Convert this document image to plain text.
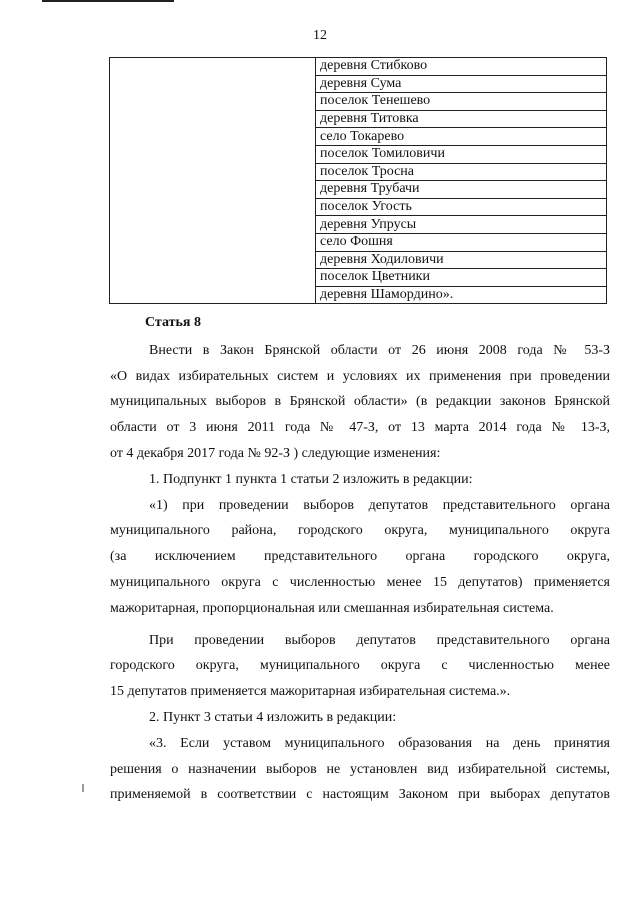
12
	деревня Стибково
деревня Сума
поселок Тенешево
деревня Титовка
село Токарево
поселок Томиловичи
поселок Тросна
деревня Трубачи
поселок Угость
деревня Упрусы
село Фошня
деревня Ходиловичи
поселок Цветники
деревня Шамордино».

Статья 8

Внести в Закон Брянской области от 26 июня 2008 года № 53-З

«О видах избирательных систем и условиях их применения при проведении

муниципальных выборов в Брянской области» (в редакции законов Брянской

области от 3 июня 2011 года № 47-З, от 13 марта 2014 года № 13-З,

от 4 декабря 2017 года № 92-З ) следующие изменения:

1. Подпункт 1 пункта 1 статьи 2 изложить в редакции:

«1) при проведении выборов депутатов представительного органа

муниципального района, городского округа, муниципального округа

(за исключением представительного органа городского округа,

муниципального округа с численностью менее 15 депутатов) применяется

мажоритарная, пропорциональная или смешанная избирательная система.

При проведении выборов депутатов представительного органа

городского округа, муниципального округа с численностью менее

15 депутатов применяется мажоритарная избирательная система.».

2. Пункт 3 статьи 4 изложить в редакции:

«3. Если уставом муниципального образования на день принятия

решения о назначении выборов не установлен вид избирательной системы,

применяемой в соответствии с настоящим Законом при выборах депутатов
